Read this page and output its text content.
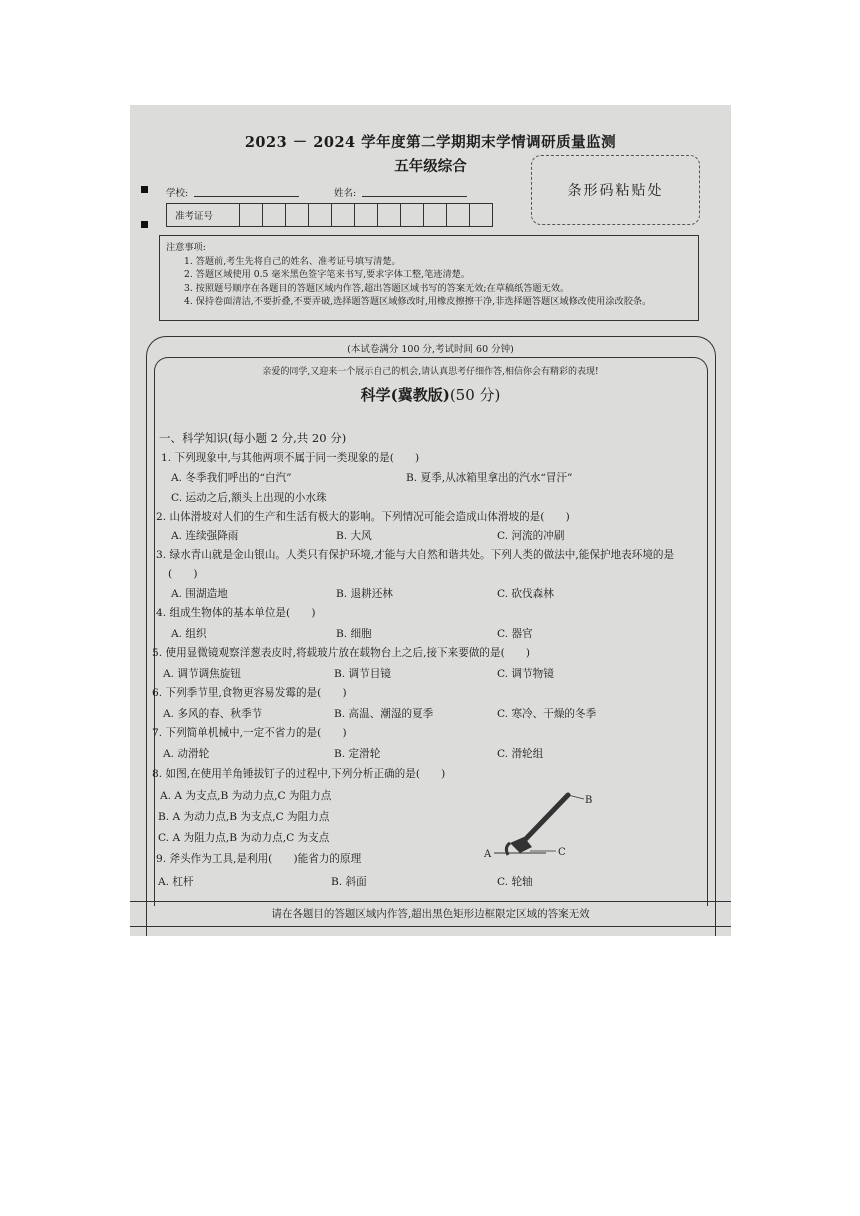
2023 － 2024 学年度第二学期期末学情调研质量监测
五年级综合
学校:	姓名:
准考证号
条形码粘贴处
注意事项:
1. 答题前,考生先将自己的姓名、准考证号填写清楚。
2. 答题区域使用 0.5 毫米黑色签字笔来书写,要求字体工整,笔迹清楚。
3. 按照题号顺序在各题目的答题区域内作答,超出答题区域书写的答案无效;在草稿纸答题无效。
4. 保持卷面清洁,不要折叠,不要弄破,选择题答题区域修改时,用橡皮擦擦干净,非选择题答题区域修改使用涂改胶条。
(本试卷满分 100 分,考试时间 60 分钟)
亲爱的同学,又迎来一个展示自己的机会,请认真思考仔细作答,相信你会有精彩的表现!
科学(冀教版)(50 分)
一、科学知识(每小题 2 分,共 20 分)
1. 下列现象中,与其他两项不属于同一类现象的是(　　)
A. 冬季我们呼出的“白汽”	B. 夏季,从冰箱里拿出的汽水“冒汗”
C. 运动之后,额头上出现的小水珠
2. 山体滑坡对人们的生产和生活有极大的影响。下列情况可能会造成山体滑坡的是(　　)
A. 连续强降雨	B. 大风	C. 河流的冲刷
3. 绿水青山就是金山银山。人类只有保护环境,才能与大自然和谐共处。下列人类的做法中,能保护地表环境的是
(　　)
A. 围湖造地	B. 退耕还林	C. 砍伐森林
4. 组成生物体的基本单位是(　　)
A. 组织	B. 细胞	C. 器官
5. 使用显微镜观察洋葱表皮时,将载玻片放在载物台上之后,接下来要做的是(　　)
A. 调节调焦旋钮	B. 调节目镜	C. 调节物镜
6. 下列季节里,食物更容易发霉的是(　　)
A. 多风的春、秋季节	B. 高温、潮湿的夏季	C. 寒冷、干燥的冬季
7. 下列简单机械中,一定不省力的是(　　)
A. 动滑轮	B. 定滑轮	C. 滑轮组
8. 如图,在使用羊角锤拔钉子的过程中,下列分析正确的是(　　)
A. A 为支点,B 为动力点,C 为阻力点
B. A 为动力点,B 为支点,C 为阻力点
C. A 为阻力点,B 为动力点,C 为支点
9. 斧头作为工具,是利用(　　)能省力的原理
A. 杠杆	B. 斜面	C. 轮轴
B
C
A
请在各题目的答题区域内作答,超出黑色矩形边框限定区域的答案无效
